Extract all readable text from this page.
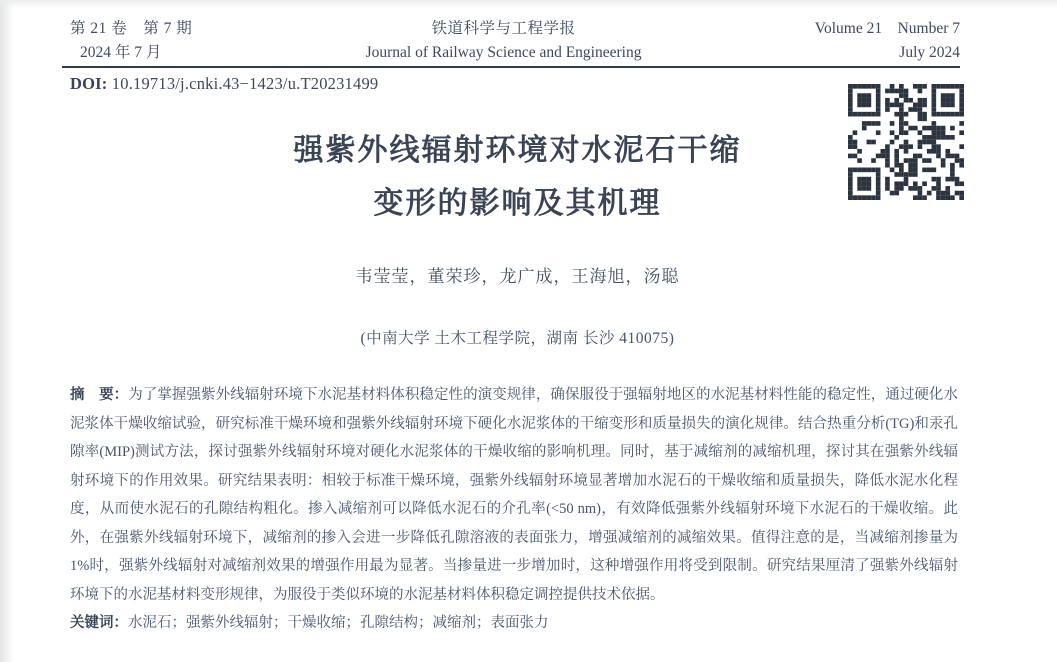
第 21 卷　第 7 期
2024 年 7 月
铁道科学与工程学报
Journal of Railway Science and Engineering
Volume 21　Number 7
July 2024
DOI: 10.19713/j.cnki.43−1423/u.T20231499
强紫外线辐射环境对水泥石干缩
变形的影响及其机理
韦莹莹，董荣珍，龙广成，王海旭，汤聪
(中南大学 土木工程学院，湖南 长沙 410075)

摘　要：为了掌握强紫外线辐射环境下水泥基材料体积稳定性的演变规律，确保服役于强辐射地区的水泥基材料性能的稳定性，通过硬化水泥浆体干燥收缩试验，研究标准干燥环境和强紫外线辐射环境下硬化水泥浆体的干缩变形和质量损失的演化规律。结合热重分析(TG)和汞孔隙率(MIP)测试方法，探讨强紫外线辐射环境对硬化水泥浆体的干燥收缩的影响机理。同时，基于减缩剂的减缩机理，探讨其在强紫外线辐射环境下的作用效果。研究结果表明：相较于标准干燥环境，强紫外线辐射环境显著增加水泥石的干燥收缩和质量损失，降低水泥水化程度，从而使水泥石的孔隙结构粗化。掺入减缩剂可以降低水泥石的介孔率(<50 nm)，有效降低强紫外线辐射环境下水泥石的干燥收缩。此外，在强紫外线辐射环境下，减缩剂的掺入会进一步降低孔隙溶液的表面张力，增强减缩剂的减缩效果。值得注意的是，当减缩剂掺量为1%时，强紫外线辐射对减缩剂效果的增强作用最为显著。当掺量进一步增加时，这种增强作用将受到限制。研究结果厘清了强紫外线辐射环境下的水泥基材料变形规律，为服役于类似环境的水泥基材料体积稳定调控提供技术依据。

关键词：水泥石；强紫外线辐射；干燥收缩；孔隙结构；减缩剂；表面张力
